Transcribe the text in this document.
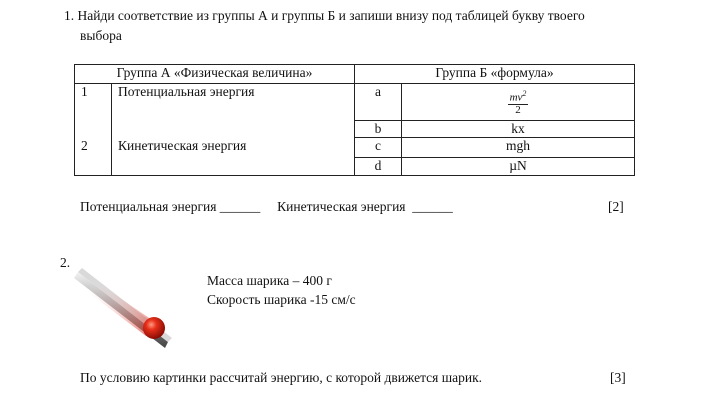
1. Найди соответствие из группы А и группы Б и запиши внизу под таблицей букву твоего
выбора
Группа А «Физическая величина»		Группа Б «формула»	
1	Потенциальная энергия	a	$\frac{mv^2}{2}$

		b	kx
2	Кинетическая энергия	c	mgh
		d	µN
Потенциальная энергия ______     Кинетическая энергия  ______	[2]
2.
Масса шарика – 400 г
Скорость шарика -15 см/с
По условию картинки рассчитай энергию, с которой движется шарик.	[3]
